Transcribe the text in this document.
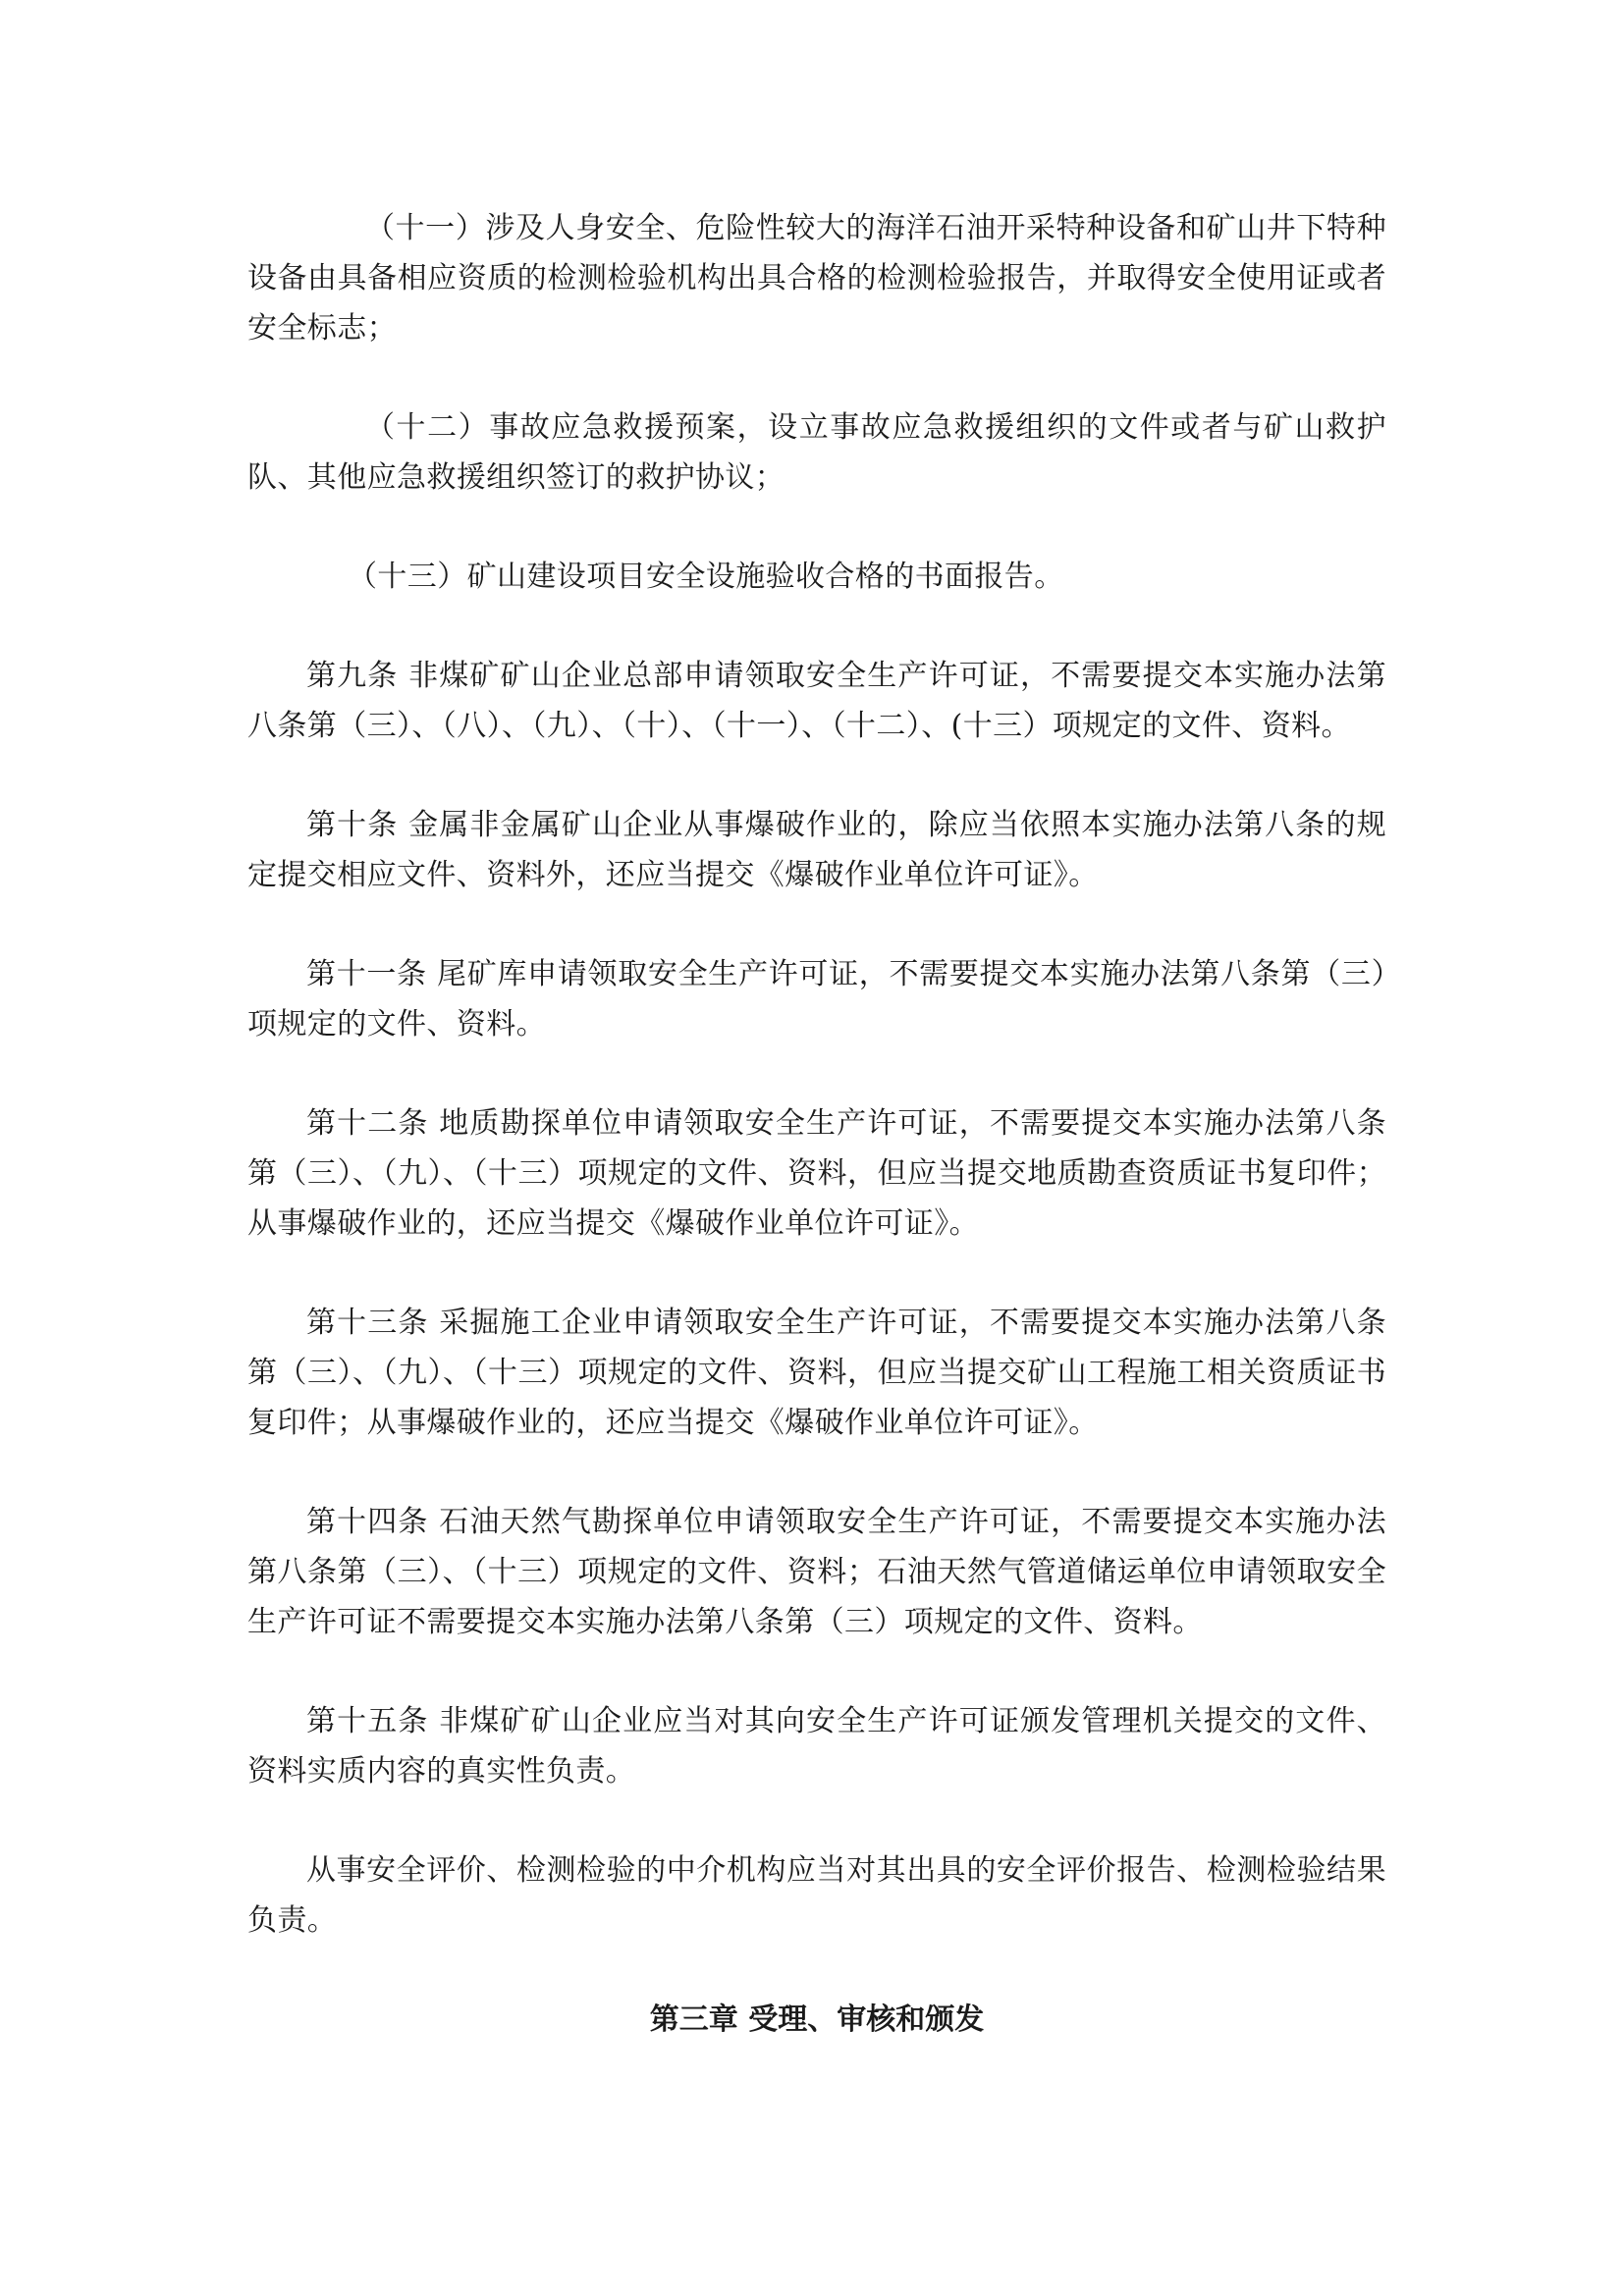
（十一）涉及人身安全、危险性较大的海洋石油开采特种设备和矿山井下特种设备由具备相应资质的检测检验机构出具合格的检测检验报告，并取得安全使用证或者安全标志；

（十二）事故应急救援预案，设立事故应急救援组织的文件或者与矿山救护队、其他应急救援组织签订的救护协议；

（十三）矿山建设项目安全设施验收合格的书面报告。

第九条 非煤矿矿山企业总部申请领取安全生产许可证，不需要提交本实施办法第八条第（三）、（八）、（九）、（十）、（十一）、（十二）、(十三）项规定的文件、资料。

第十条 金属非金属矿山企业从事爆破作业的，除应当依照本实施办法第八条的规定提交相应文件、资料外，还应当提交《爆破作业单位许可证》。

第十一条 尾矿库申请领取安全生产许可证，不需要提交本实施办法第八条第（三）项规定的文件、资料。

第十二条 地质勘探单位申请领取安全生产许可证，不需要提交本实施办法第八条第（三）、（九）、（十三）项规定的文件、资料，但应当提交地质勘查资质证书复印件；从事爆破作业的，还应当提交《爆破作业单位许可证》。

第十三条 采掘施工企业申请领取安全生产许可证，不需要提交本实施办法第八条第（三）、（九）、（十三）项规定的文件、资料，但应当提交矿山工程施工相关资质证书复印件；从事爆破作业的，还应当提交《爆破作业单位许可证》。

第十四条 石油天然气勘探单位申请领取安全生产许可证，不需要提交本实施办法第八条第（三）、（十三）项规定的文件、资料；石油天然气管道储运单位申请领取安全生产许可证不需要提交本实施办法第八条第（三）项规定的文件、资料。

第十五条 非煤矿矿山企业应当对其向安全生产许可证颁发管理机关提交的文件、资料实质内容的真实性负责。

从事安全评价、检测检验的中介机构应当对其出具的安全评价报告、检测检验结果负责。

第三章 受理、审核和颁发
